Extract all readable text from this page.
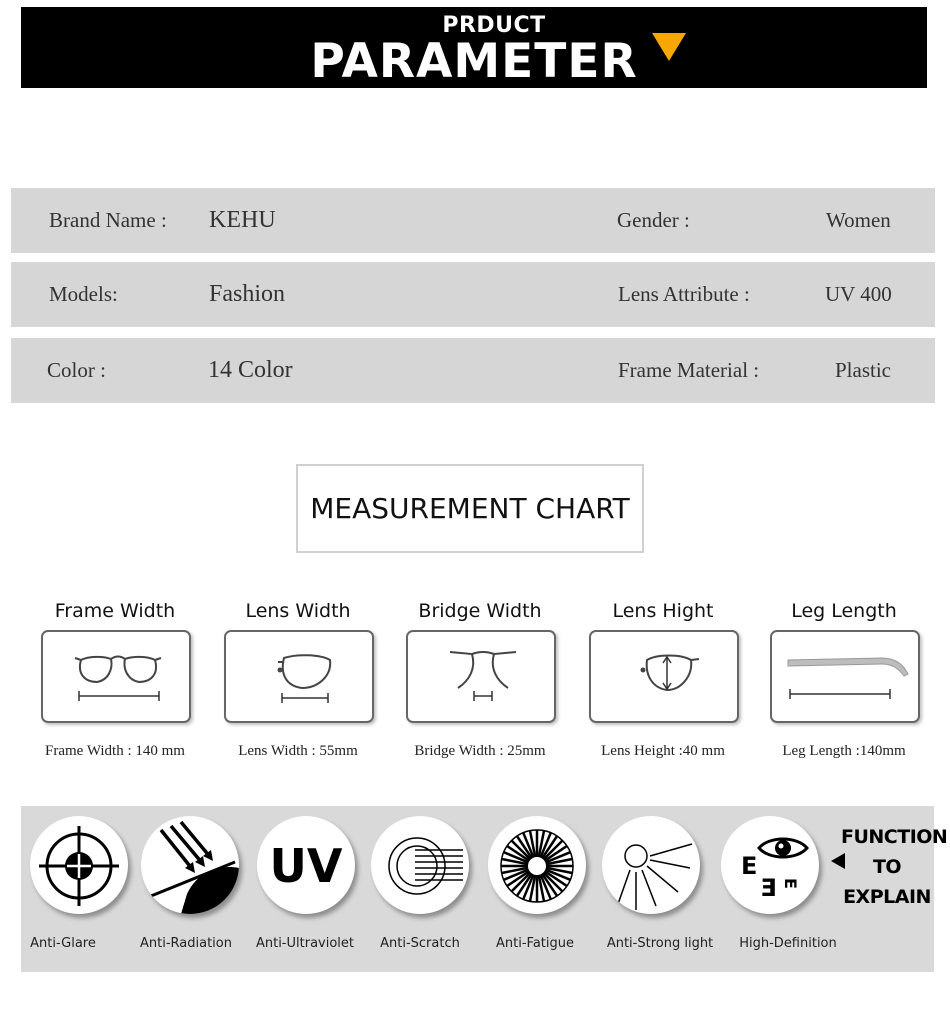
PRDUCT
PARAMETER
Brand Name : KEHU	Gender :	Women
Models:	Fashion	Lens Attribute :	UV 400
Color :	14 Color	Frame Material :	Plastic
MEASUREMENT CHART
Frame Width
Frame Width : 140 mm
Lens Width
Lens Width : 55mm
Bridge Width
Bridge Width : 25mm
Lens Hight
Lens Height :40 mm
Leg Length
Leg Length :140mm
Anti-Glare	Anti-Radiation
UV
Anti-Ultraviolet	Anti-Scratch	Anti-Fatigue	Anti-Strong light
E
E E
High-Definition
FUNCTION
TO
EXPLAIN
